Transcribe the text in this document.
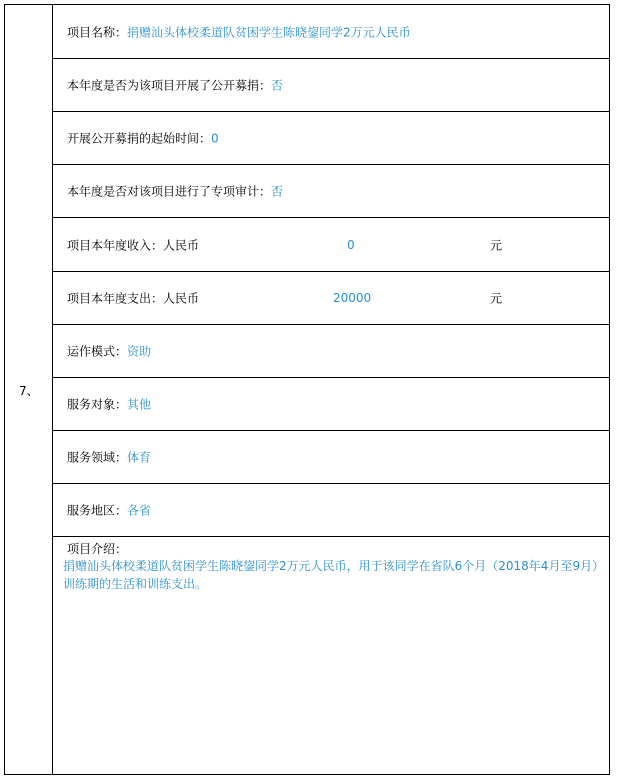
7、
项目名称：捐赠汕头体校柔道队贫困学生陈晓鋆同学2万元人民币
本年度是否为该项目开展了公开募捐：否
开展公开募捐的起始时间：0
本年度是否对该项目进行了专项审计：否
项目本年度收入：人民币	0	元
项目本年度支出：人民币	20000	元
运作模式：资助
服务对象：其他
服务领域：体育
服务地区：各省
项目介绍：
捐赠汕头体校柔道队贫困学生陈晓鋆同学2万元人民币，用于该同学在省队6个月（2018年4月至9月）训练期的生活和训练支出。
